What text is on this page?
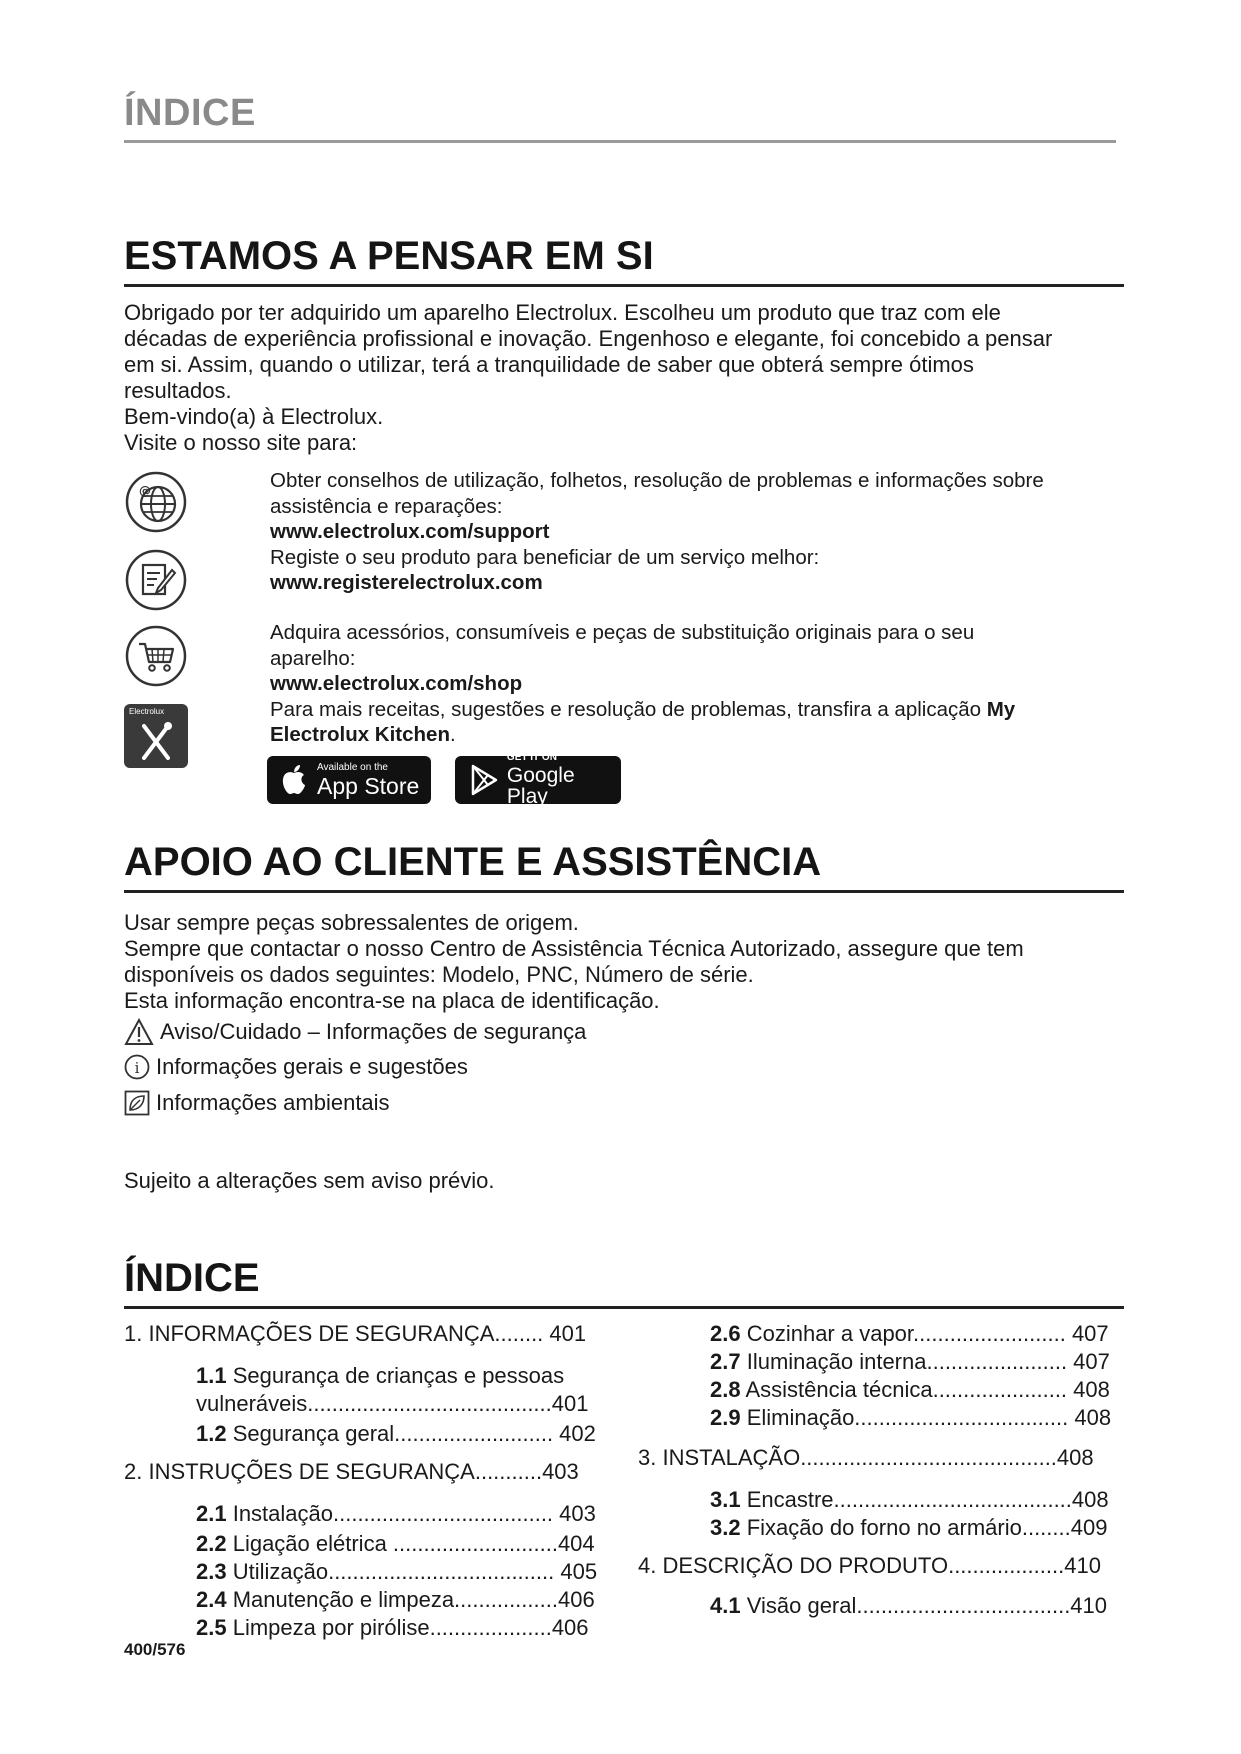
ÍNDICE
ESTAMOS A PENSAR EM SI
Obrigado por ter adquirido um aparelho Electrolux. Escolheu um produto que traz com ele
décadas de experiência profissional e inovação. Engenhoso e elegante, foi concebido a pensar
em si. Assim, quando o utilizar, terá a tranquilidade de saber que obterá sempre ótimos
resultados.
Bem-vindo(a) à Electrolux.
Visite o nosso site para:
@
Electrolux
Obter conselhos de utilização, folhetos, resolução de problemas e informações sobre
assistência e reparações:
www.electrolux.com/support
Registe o seu produto para beneficiar de um serviço melhor:
www.registerelectrolux.com
Adquira acessórios, consumíveis e peças de substituição originais para o seu
aparelho:
www.electrolux.com/shop
Para mais receitas, sugestões e resolução de problemas, transfira a aplicação My
Electrolux Kitchen.
Available on the
App Store
GET IT ON
Google Play
APOIO AO CLIENTE E ASSISTÊNCIA
Usar sempre peças sobressalentes de origem.
Sempre que contactar o nosso Centro de Assistência Técnica Autorizado, assegure que tem
disponíveis os dados seguintes: Modelo, PNC, Número de série.
Esta informação encontra-se na placa de identificação.
Aviso/Cuidado – Informações de segurança
i Informações gerais e sugestões
Informações ambientais
Sujeito a alterações sem aviso prévio.
ÍNDICE
1. INFORMAÇÕES DE SEGURANÇA........ 401
1.1 Segurança de crianças e pessoas
vulneráveis........................................401
1.2 Segurança geral.......................... 402
2. INSTRUÇÕES DE SEGURANÇA...........403
2.1 Instalação.................................... 403
2.2 Ligação elétrica ...........................404
2.3 Utilização..................................... 405
2.4 Manutenção e limpeza.................406
2.5 Limpeza por pirólise....................406
2.6 Cozinhar a vapor......................... 407
2.7 Iluminação interna....................... 407
2.8 Assistência técnica...................... 408
2.9 Eliminação................................... 408
3. INSTALAÇÃO..........................................408
3.1 Encastre.......................................408
3.2 Fixação do forno no armário........409
4. DESCRIÇÃO DO PRODUTO...................410
4.1 Visão geral...................................410
400/576
